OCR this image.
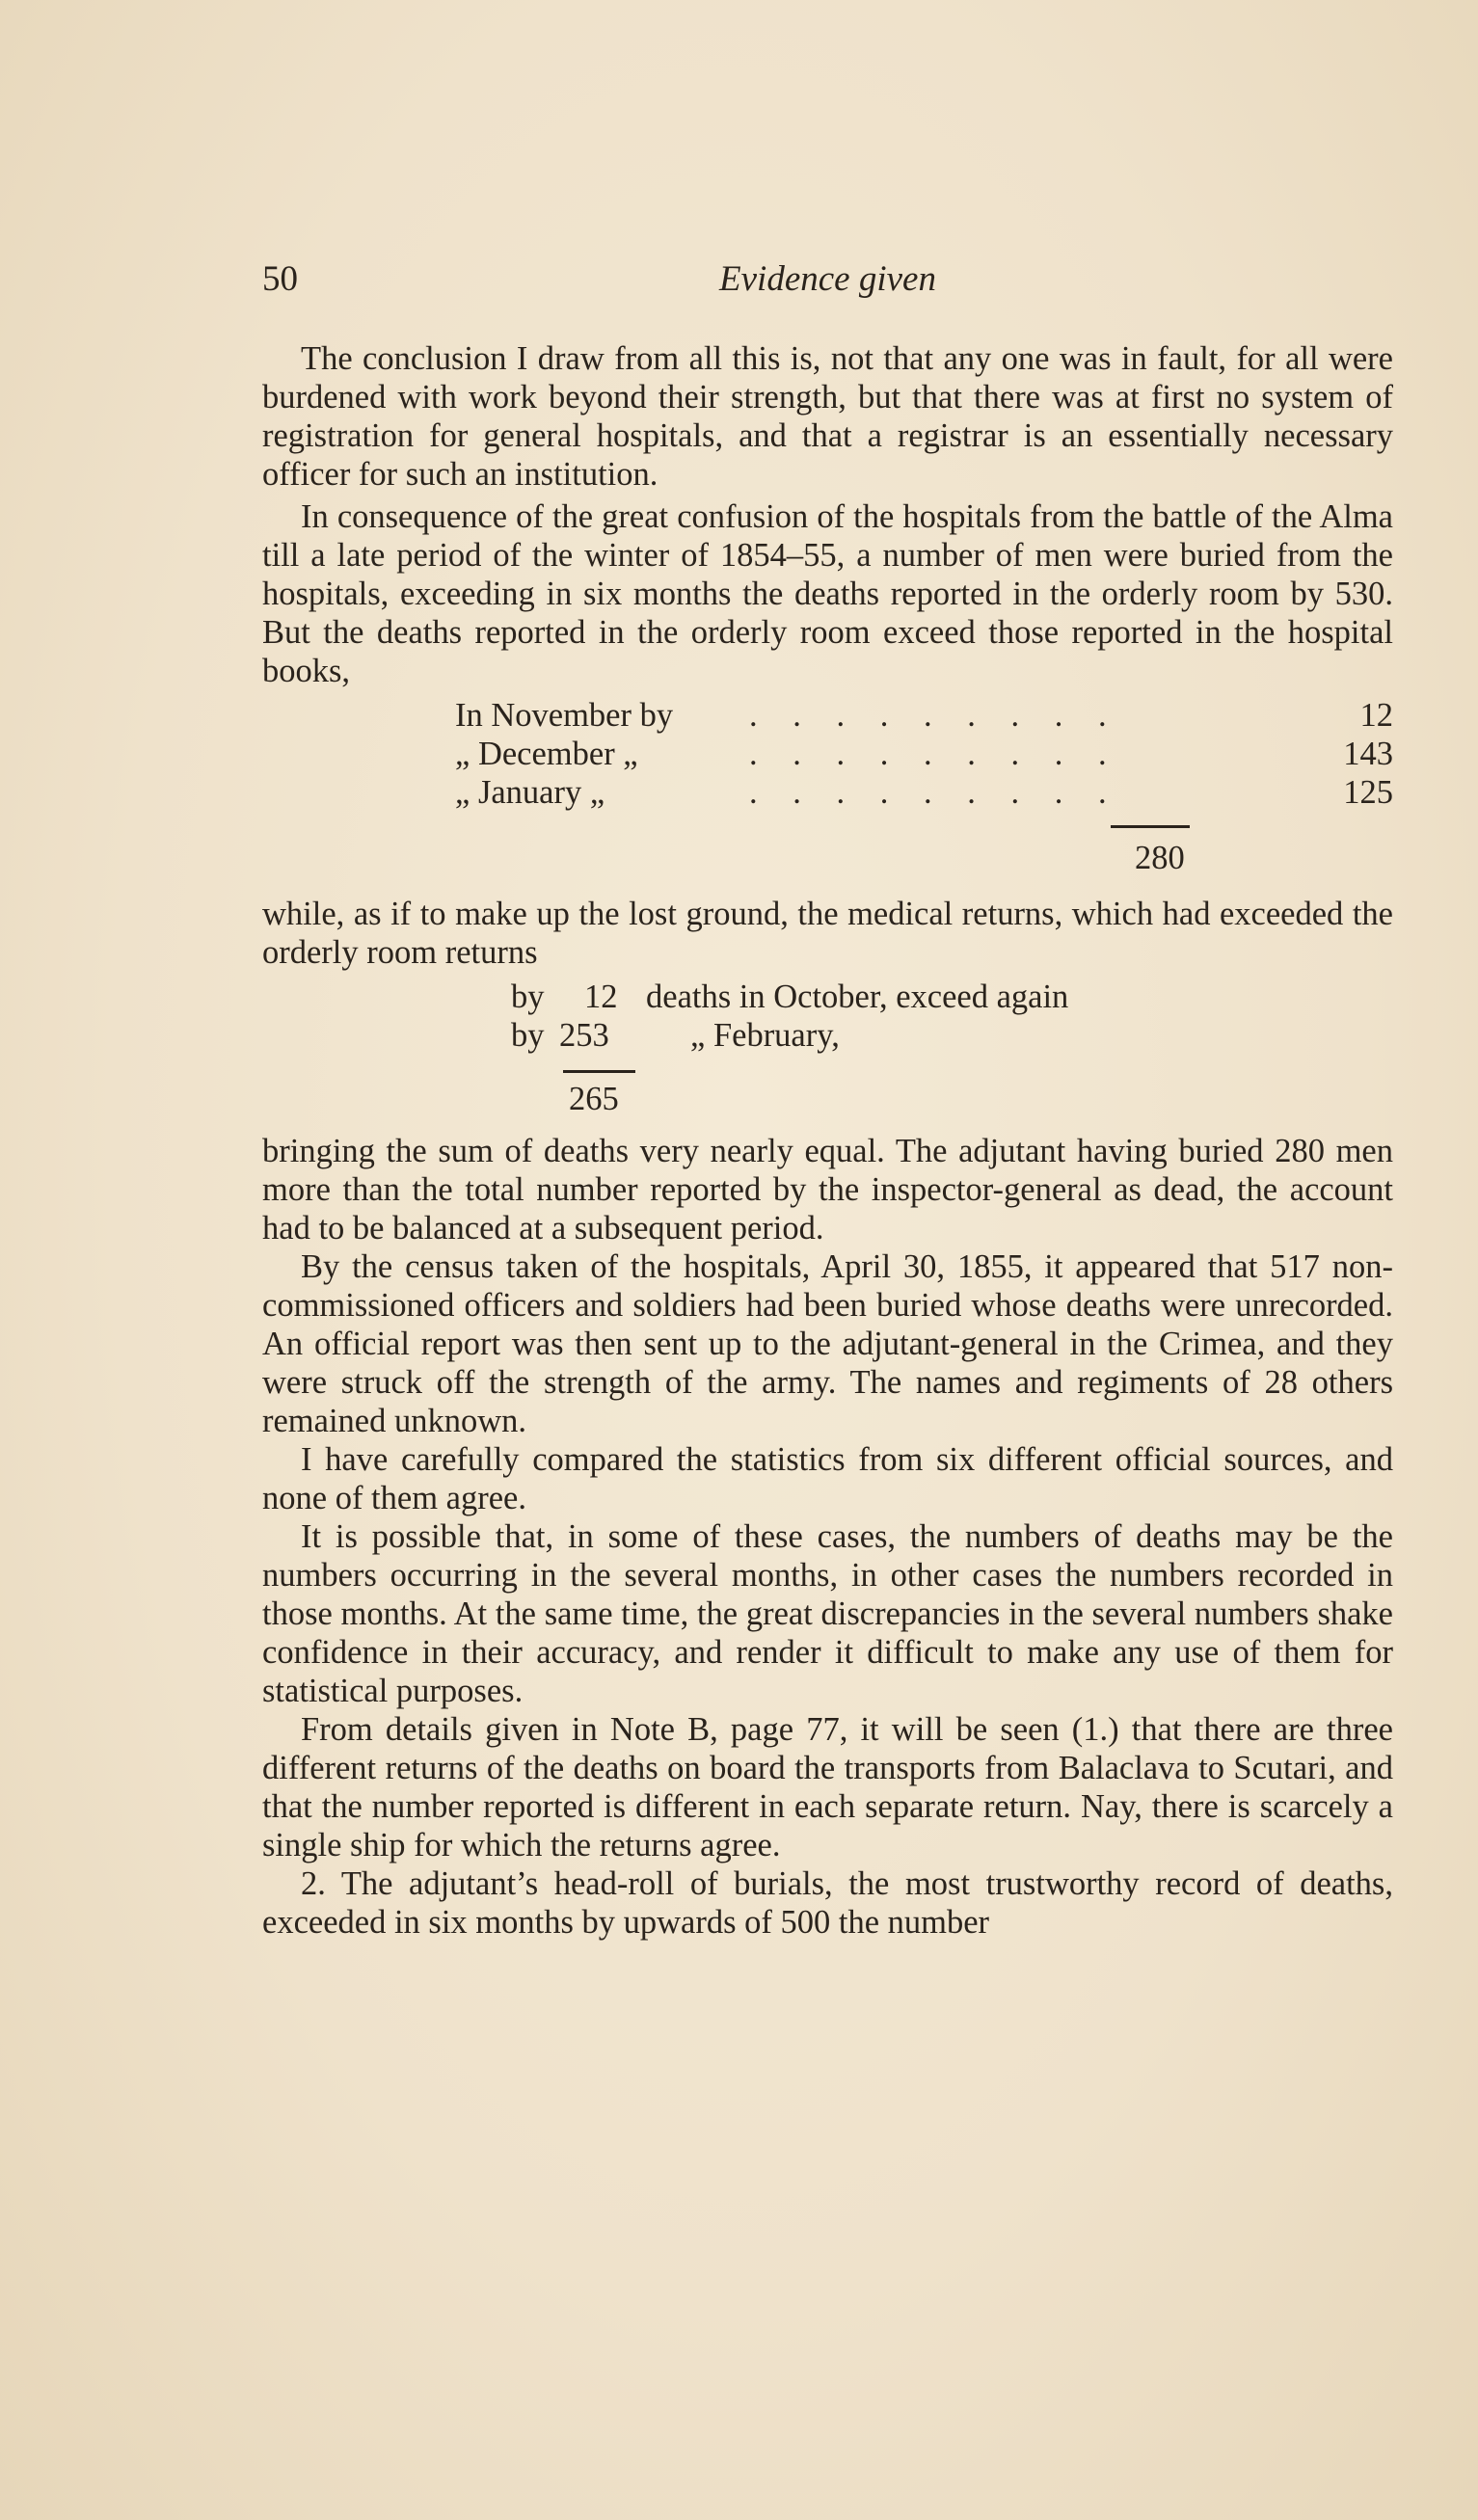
50	Evidence given

The conclusion I draw from all this is, not that any one was in fault, for all were burdened with work beyond their strength, but that there was at first no system of registration for general hospitals, and that a registrar is an essentially necessary officer for such an institution.

In consequence of the great confusion of the hospitals from the battle of the Alma till a late period of the winter of 1854–55, a number of men were buried from the hospitals, exceeding in six months the deaths reported in the orderly room by 530. But the deaths reported in the orderly room exceed those reported in the hospital books,

In November by . . . . . . . . .	12
„ December „	. . . . . . . . .	143
„ January „	. . . . . . . . .	125
280

while, as if to make up the lost ground, the medical returns, which had exceeded the orderly room returns

by 12 deaths in October, exceed again
by 253 „ February,
265

bringing the sum of deaths very nearly equal. The adjutant having buried 280 men more than the total number reported by the inspector-general as dead, the account had to be balanced at a subsequent period.

By the census taken of the hospitals, April 30, 1855, it appeared that 517 non-commissioned officers and soldiers had been buried whose deaths were unrecorded. An official report was then sent up to the adjutant-general in the Crimea, and they were struck off the strength of the army. The names and regiments of 28 others remained unknown.

I have carefully compared the statistics from six different official sources, and none of them agree.

It is possible that, in some of these cases, the numbers of deaths may be the numbers occurring in the several months, in other cases the numbers recorded in those months. At the same time, the great discrepancies in the several numbers shake confidence in their accuracy, and render it difficult to make any use of them for statistical purposes.

From details given in Note B, page 77, it will be seen (1.) that there are three different returns of the deaths on board the transports from Balaclava to Scutari, and that the number reported is different in each separate return. Nay, there is scarcely a single ship for which the returns agree.

2. The adjutant’s head-roll of burials, the most trustworthy record of deaths, exceeded in six months by upwards of 500 the number
